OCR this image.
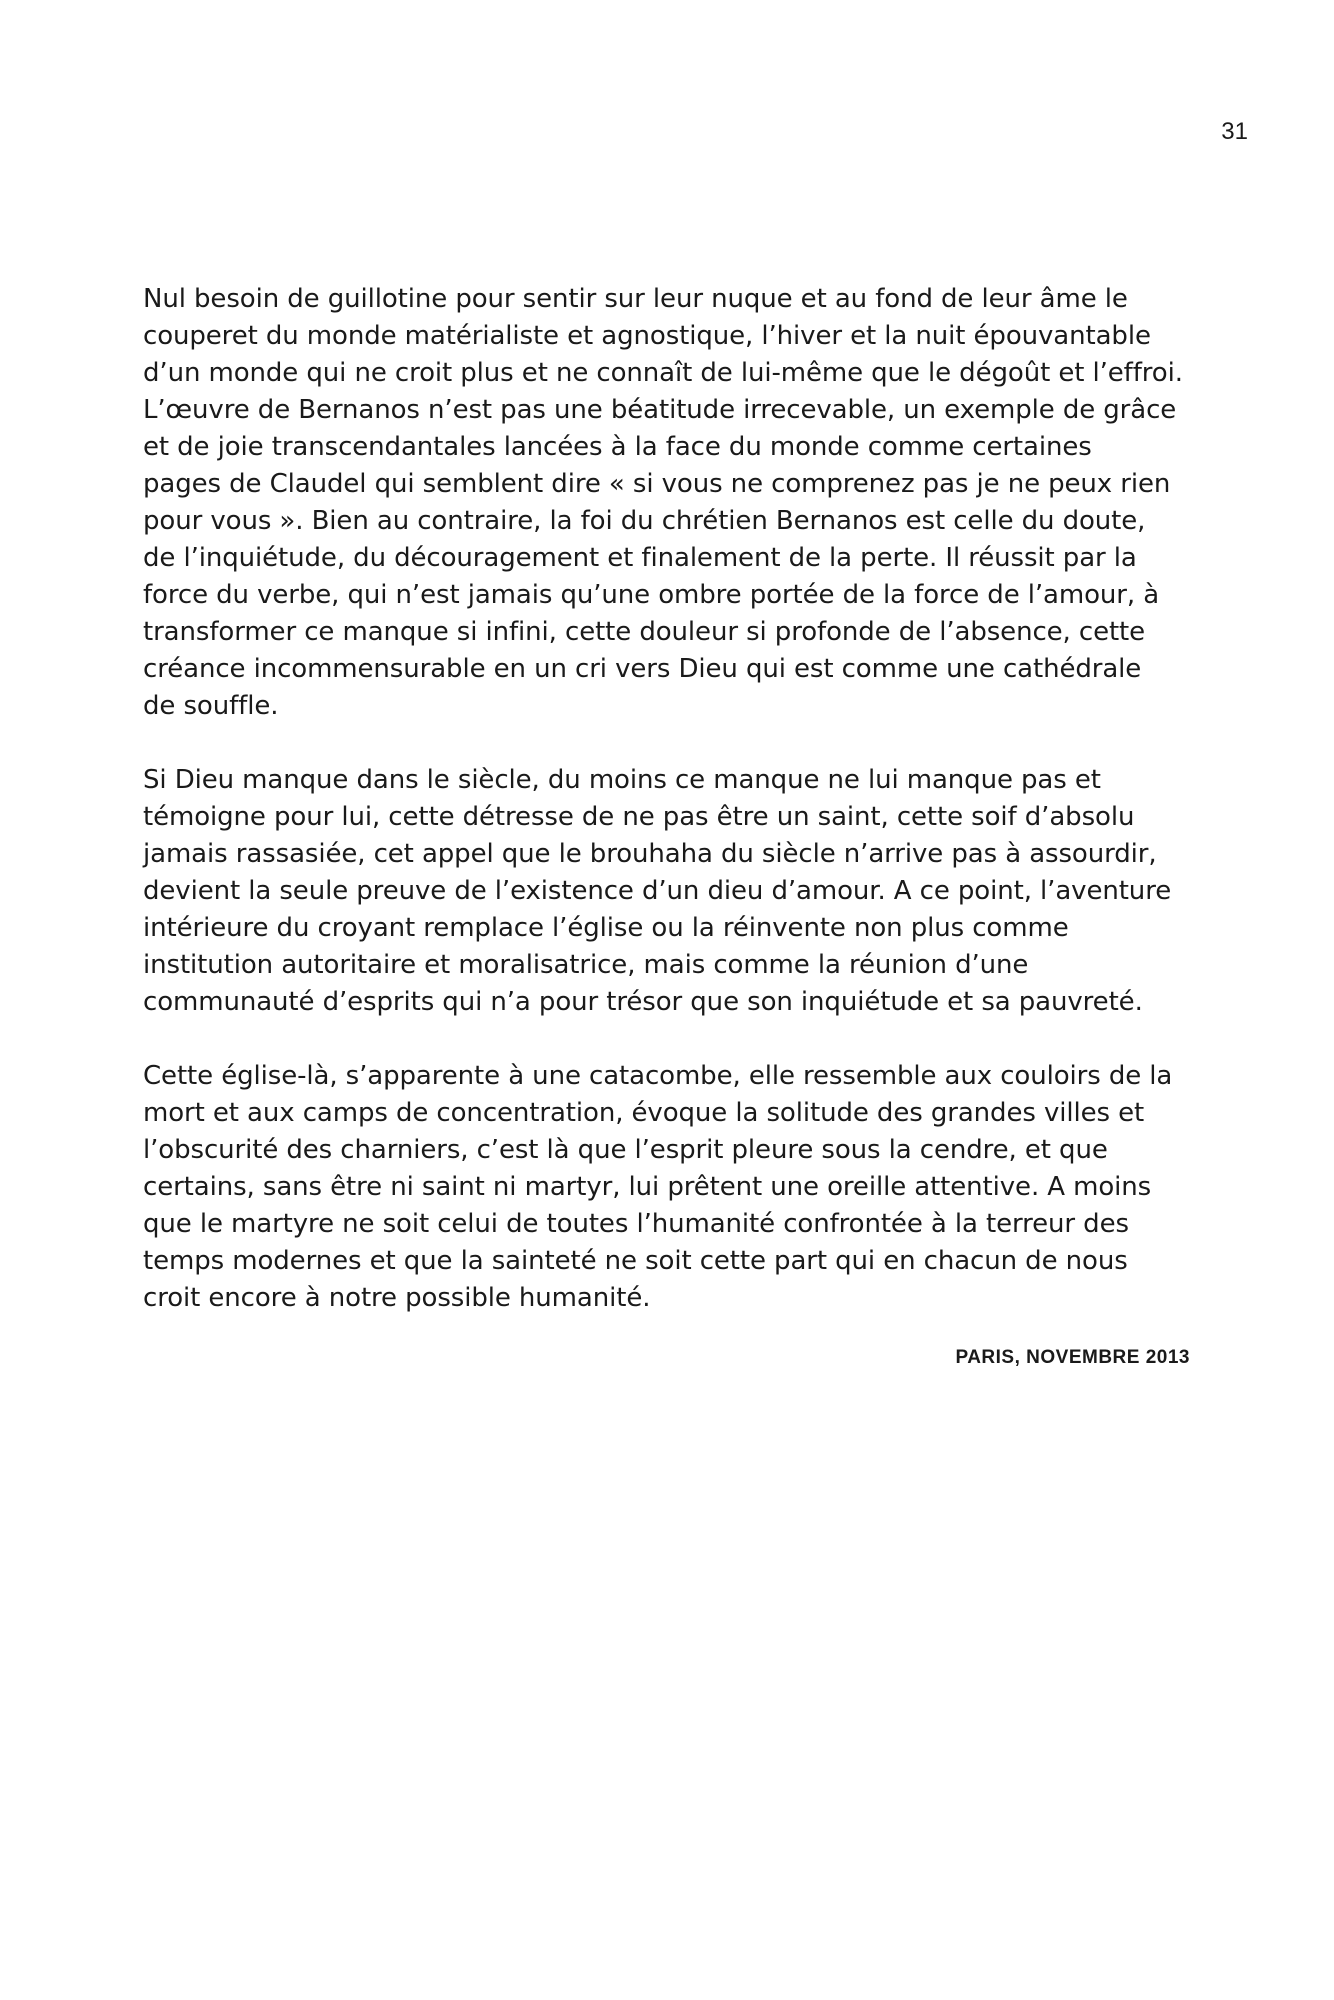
31

Nul besoin de guillotine pour sentir sur leur nuque et au fond de leur âme le
couperet du monde matérialiste et agnostique, l’hiver et la nuit épouvantable
d’un monde qui ne croit plus et ne connaît de lui-même que le dégoût et l’effroi.
L’œuvre de Bernanos n’est pas une béatitude irrecevable, un exemple de grâce
et de joie transcendantales lancées à la face du monde comme certaines
pages de Claudel qui semblent dire « si vous ne comprenez pas je ne peux rien
pour vous ». Bien au contraire, la foi du chrétien Bernanos est celle du doute,
de l’inquiétude, du découragement et finalement de la perte. Il réussit par la
force du verbe, qui n’est jamais qu’une ombre portée de la force de l’amour, à
transformer ce manque si infini, cette douleur si profonde de l’absence, cette
créance incommensurable en un cri vers Dieu qui est comme une cathédrale
de souffle.

Si Dieu manque dans le siècle, du moins ce manque ne lui manque pas et
témoigne pour lui, cette détresse de ne pas être un saint, cette soif d’absolu
jamais rassasiée, cet appel que le brouhaha du siècle n’arrive pas à assourdir,
devient la seule preuve de l’existence d’un dieu d’amour. A ce point, l’aventure
intérieure du croyant remplace l’église ou la réinvente non plus comme
institution autoritaire et moralisatrice, mais comme la réunion d’une
communauté d’esprits qui n’a pour trésor que son inquiétude et sa pauvreté.

Cette église-là, s’apparente à une catacombe, elle ressemble aux couloirs de la
mort et aux camps de concentration, évoque la solitude des grandes villes et
l’obscurité des charniers, c’est là que l’esprit pleure sous la cendre, et que
certains, sans être ni saint ni martyr, lui prêtent une oreille attentive. A moins
que le martyre ne soit celui de toutes l’humanité confrontée à la terreur des
temps modernes et que la sainteté ne soit cette part qui en chacun de nous
croit encore à notre possible humanité.

PARIS, NOVEMBRE 2013
